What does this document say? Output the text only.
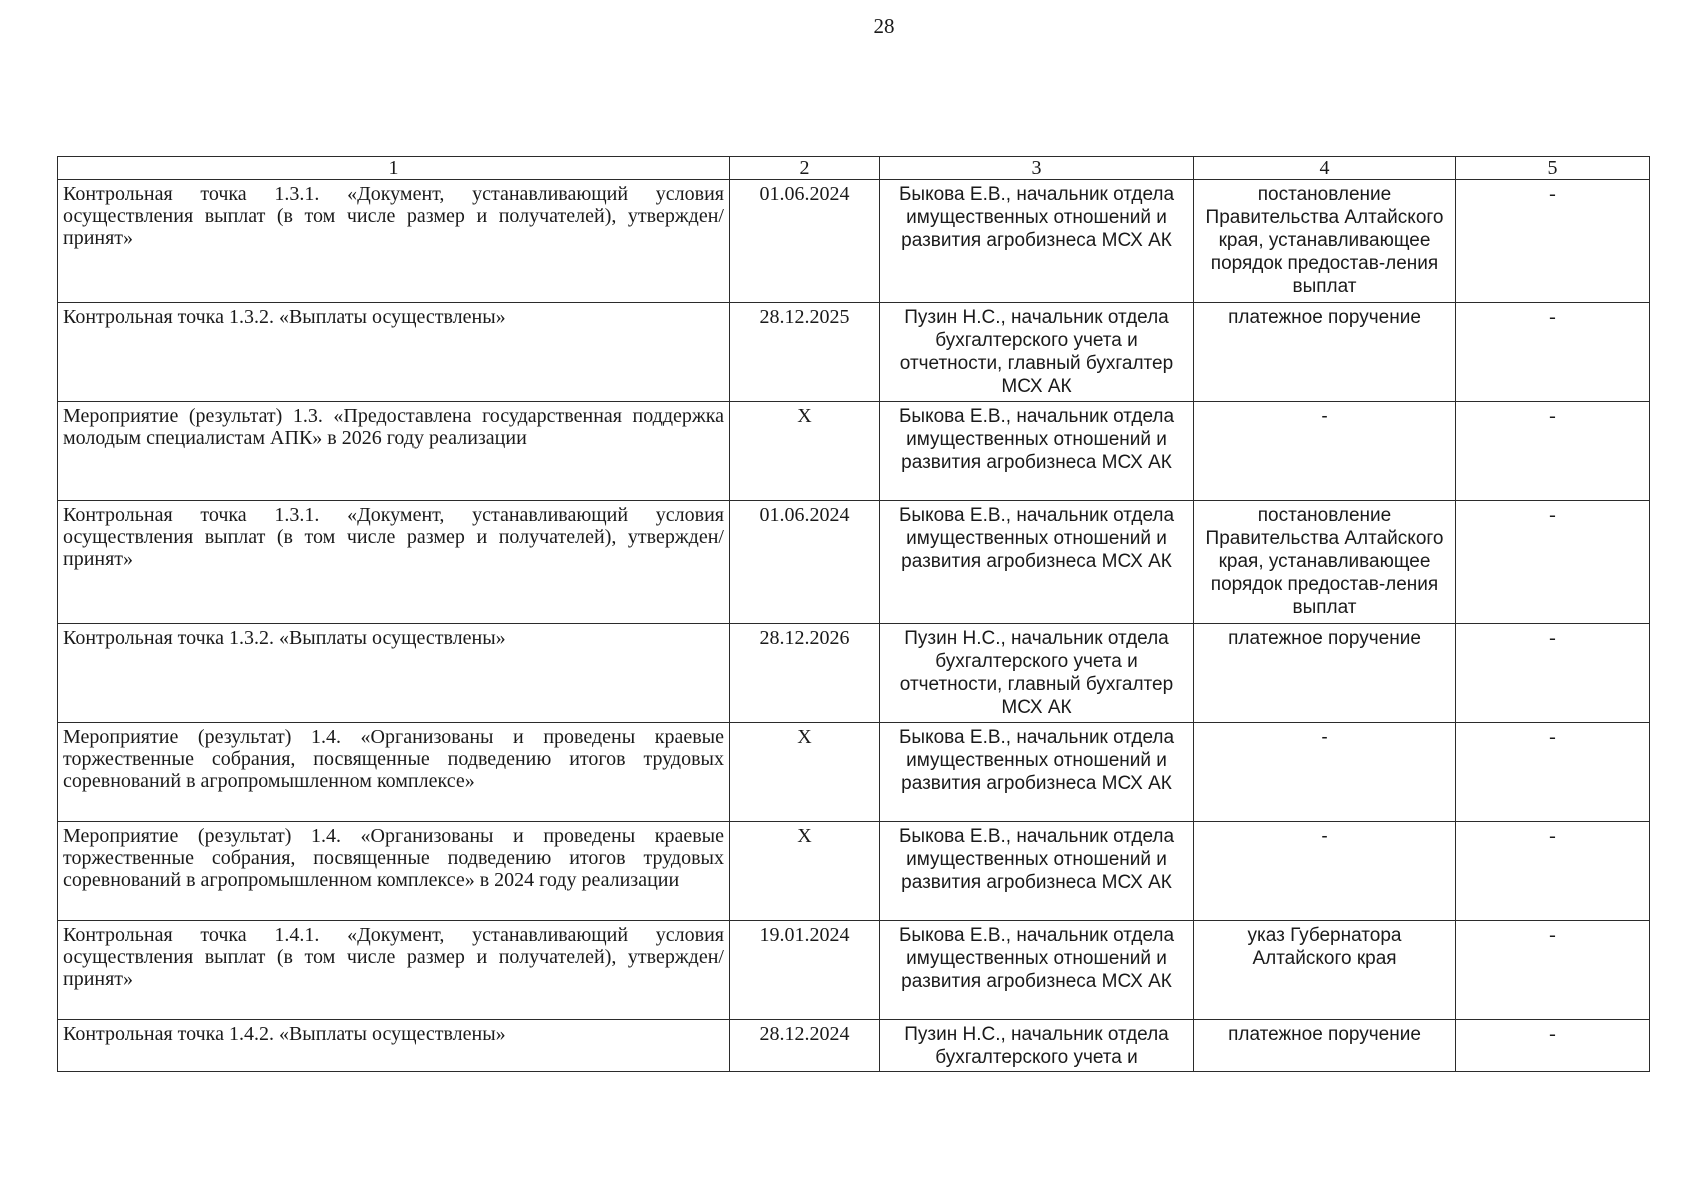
28
1	2	3	4	5
Контрольная точка 1.3.1. «Документ, устанавливающий условия осуществления выплат (в том числе размер и получателей), утвержден/принят»	01.06.2024	Быкова Е.В., начальник отдела имущественных отношений и развития агробизнеса МСХ АК	постановление Правительства Алтайского края, устанавливающее порядок предостав-ления выплат	-
Контрольная точка 1.3.2. «Выплаты осуществлены»	28.12.2025	Пузин Н.С., начальник отдела бухгалтерского учета и отчетности, главный бухгалтер МСХ АК	платежное поручение	-
Мероприятие (результат) 1.3. «Предоставлена государственная поддержка молодым специалистам АПК» в 2026 году реализации	X	Быкова Е.В., начальник отдела имущественных отношений и развития агробизнеса МСХ АК	-	-
Контрольная точка 1.3.1. «Документ, устанавливающий условия осуществления выплат (в том числе размер и получателей), утвержден/принят»	01.06.2024	Быкова Е.В., начальник отдела имущественных отношений и развития агробизнеса МСХ АК	постановление Правительства Алтайского края, устанавливающее порядок предостав-ления выплат	-
Контрольная точка 1.3.2. «Выплаты осуществлены»	28.12.2026	Пузин Н.С., начальник отдела бухгалтерского учета и отчетности, главный бухгалтер МСХ АК	платежное поручение	-
Мероприятие (результат) 1.4. «Организованы и проведены краевые торжественные собрания, посвященные подведению итогов трудовых соревнований в агропромышленном комплексе»	X	Быкова Е.В., начальник отдела имущественных отношений и развития агробизнеса МСХ АК	-	-
Мероприятие (результат) 1.4. «Организованы и проведены краевые торжественные собрания, посвященные подведению итогов трудовых соревнований в агропромышленном комплексе» в 2024 году реализации	X	Быкова Е.В., начальник отдела имущественных отношений и развития агробизнеса МСХ АК	-	-
Контрольная точка 1.4.1. «Документ, устанавливающий условия осуществления выплат (в том числе размер и получателей), утвержден/принят»	19.01.2024	Быкова Е.В., начальник отдела имущественных отношений и развития агробизнеса МСХ АК	указ Губернатора Алтайского края	-
Контрольная точка 1.4.2. «Выплаты осуществлены»	28.12.2024	Пузин Н.С., начальник отдела бухгалтерского учета и	платежное поручение	-
